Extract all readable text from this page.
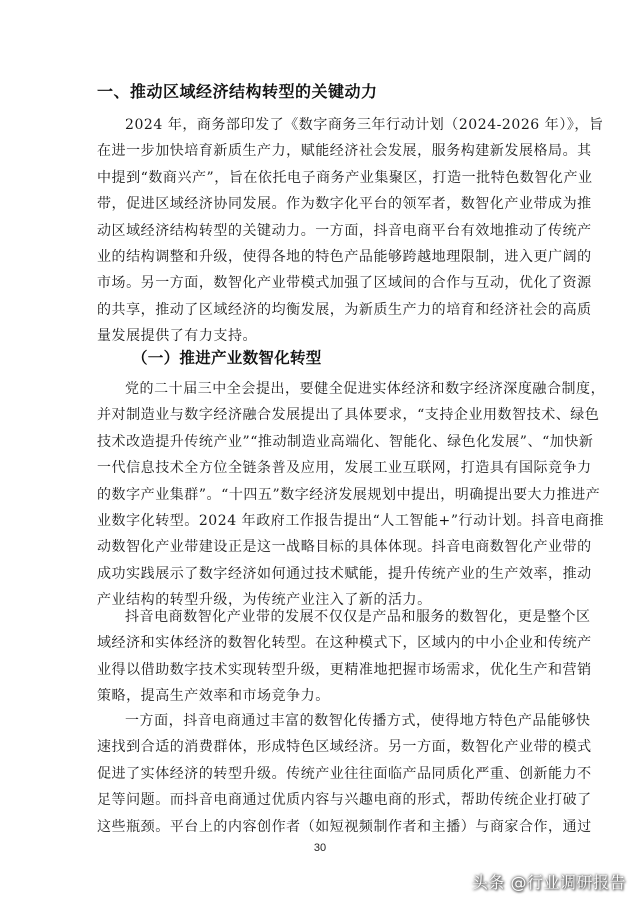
一、推动区域经济结构转型的关键动力
2024 年，商务部印发了《数字商务三年行动计划（2024-2026 年）》，旨
在进一步加快培育新质生产力，赋能经济社会发展，服务构建新发展格局。其
中提到“数商兴产”，旨在依托电子商务产业集聚区，打造一批特色数智化产业
带，促进区域经济协同发展。作为数字化平台的领军者，数智化产业带成为推
动区域经济结构转型的关键动力。一方面，抖音电商平台有效地推动了传统产
业的结构调整和升级，使得各地的特色产品能够跨越地理限制，进入更广阔的
市场。另一方面，数智化产业带模式加强了区域间的合作与互动，优化了资源
的共享，推动了区域经济的均衡发展，为新质生产力的培育和经济社会的高质
量发展提供了有力支持。
（一）推进产业数智化转型
党的二十届三中全会提出，要健全促进实体经济和数字经济深度融合制度，
并对制造业与数字经济融合发展提出了具体要求，“支持企业用数智技术、绿色
技术改造提升传统产业”“推动制造业高端化、智能化、绿色化发展”、“加快新
一代信息技术全方位全链条普及应用，发展工业互联网，打造具有国际竞争力
的数字产业集群”。“十四五”数字经济发展规划中提出，明确提出要大力推进产
业数字化转型。2024 年政府工作报告提出“人工智能+”行动计划。抖音电商推
动数智化产业带建设正是这一战略目标的具体体现。抖音电商数智化产业带的
成功实践展示了数字经济如何通过技术赋能，提升传统产业的生产效率，推动
产业结构的转型升级，为传统产业注入了新的活力。
抖音电商数智化产业带的发展不仅仅是产品和服务的数智化，更是整个区
域经济和实体经济的数智化转型。在这种模式下，区域内的中小企业和传统产
业得以借助数字技术实现转型升级，更精准地把握市场需求，优化生产和营销
策略，提高生产效率和市场竞争力。
一方面，抖音电商通过丰富的数智化传播方式，使得地方特色产品能够快
速找到合适的消费群体，形成特色区域经济。另一方面，数智化产业带的模式
促进了实体经济的转型升级。传统产业往往面临产品同质化严重、创新能力不
足等问题。而抖音电商通过优质内容与兴趣电商的形式，帮助传统企业打破了
这些瓶颈。平台上的内容创作者（如短视频制作者和主播）与商家合作，通过
30
头条 @行业调研报告
